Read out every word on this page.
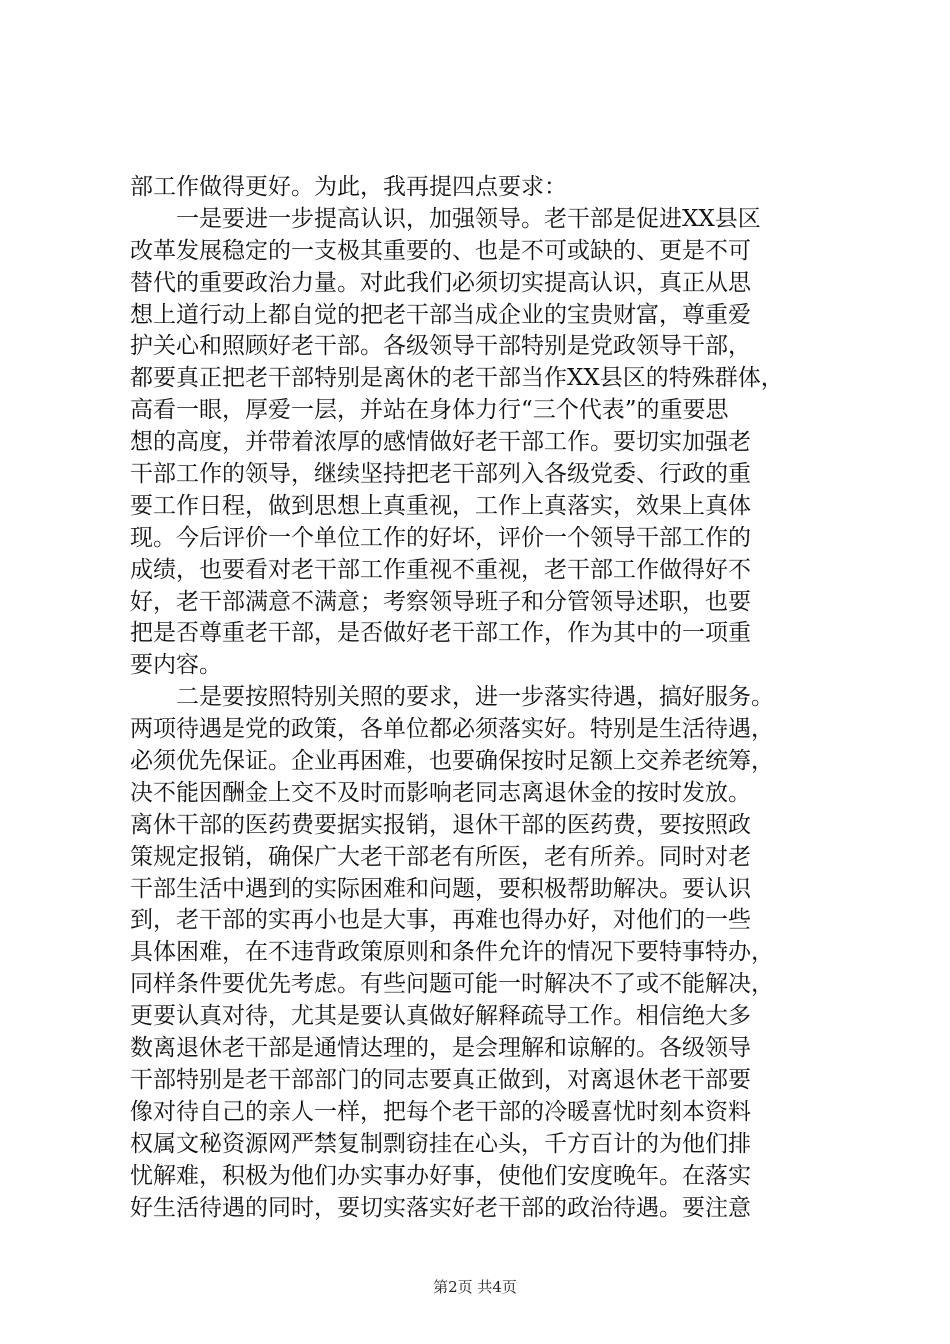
部工作做得更好。为此，我再提四点要求：
　　一是要进一步提高认识，加强领导。老干部是促进XX县区
改革发展稳定的一支极其重要的、也是不可或缺的、更是不可
替代的重要政治力量。对此我们必须切实提高认识，真正从思
想上道行动上都自觉的把老干部当成企业的宝贵财富，尊重爱
护关心和照顾好老干部。各级领导干部特别是党政领导干部，
都要真正把老干部特别是离休的老干部当作XX县区的特殊群体，
高看一眼，厚爱一层，并站在身体力行“三个代表”的重要思
想的高度，并带着浓厚的感情做好老干部工作。要切实加强老
干部工作的领导，继续坚持把老干部列入各级党委、行政的重
要工作日程，做到思想上真重视，工作上真落实，效果上真体
现。今后评价一个单位工作的好坏，评价一个领导干部工作的
成绩，也要看对老干部工作重视不重视，老干部工作做得好不
好，老干部满意不满意；考察领导班子和分管领导述职，也要
把是否尊重老干部，是否做好老干部工作，作为其中的一项重
要内容。
　　二是要按照特别关照的要求，进一步落实待遇，搞好服务。
两项待遇是党的政策，各单位都必须落实好。特别是生活待遇，
必须优先保证。企业再困难，也要确保按时足额上交养老统筹，
决不能因酬金上交不及时而影响老同志离退休金的按时发放。
离休干部的医药费要据实报销，退休干部的医药费，要按照政
策规定报销，确保广大老干部老有所医，老有所养。同时对老
干部生活中遇到的实际困难和问题，要积极帮助解决。要认识
到，老干部的实再小也是大事，再难也得办好，对他们的一些
具体困难，在不违背政策原则和条件允许的情况下要特事特办，
同样条件要优先考虑。有些问题可能一时解决不了或不能解决，
更要认真对待，尤其是要认真做好解释疏导工作。相信绝大多
数离退休老干部是通情达理的，是会理解和谅解的。各级领导
干部特别是老干部部门的同志要真正做到，对离退休老干部要
像对待自己的亲人一样，把每个老干部的冷暖喜忧时刻本资料
权属文秘资源网严禁复制剽窃挂在心头，千方百计的为他们排
忧解难，积极为他们办实事办好事，使他们安度晚年。在落实
好生活待遇的同时，要切实落实好老干部的政治待遇。要注意
第2页 共4页
